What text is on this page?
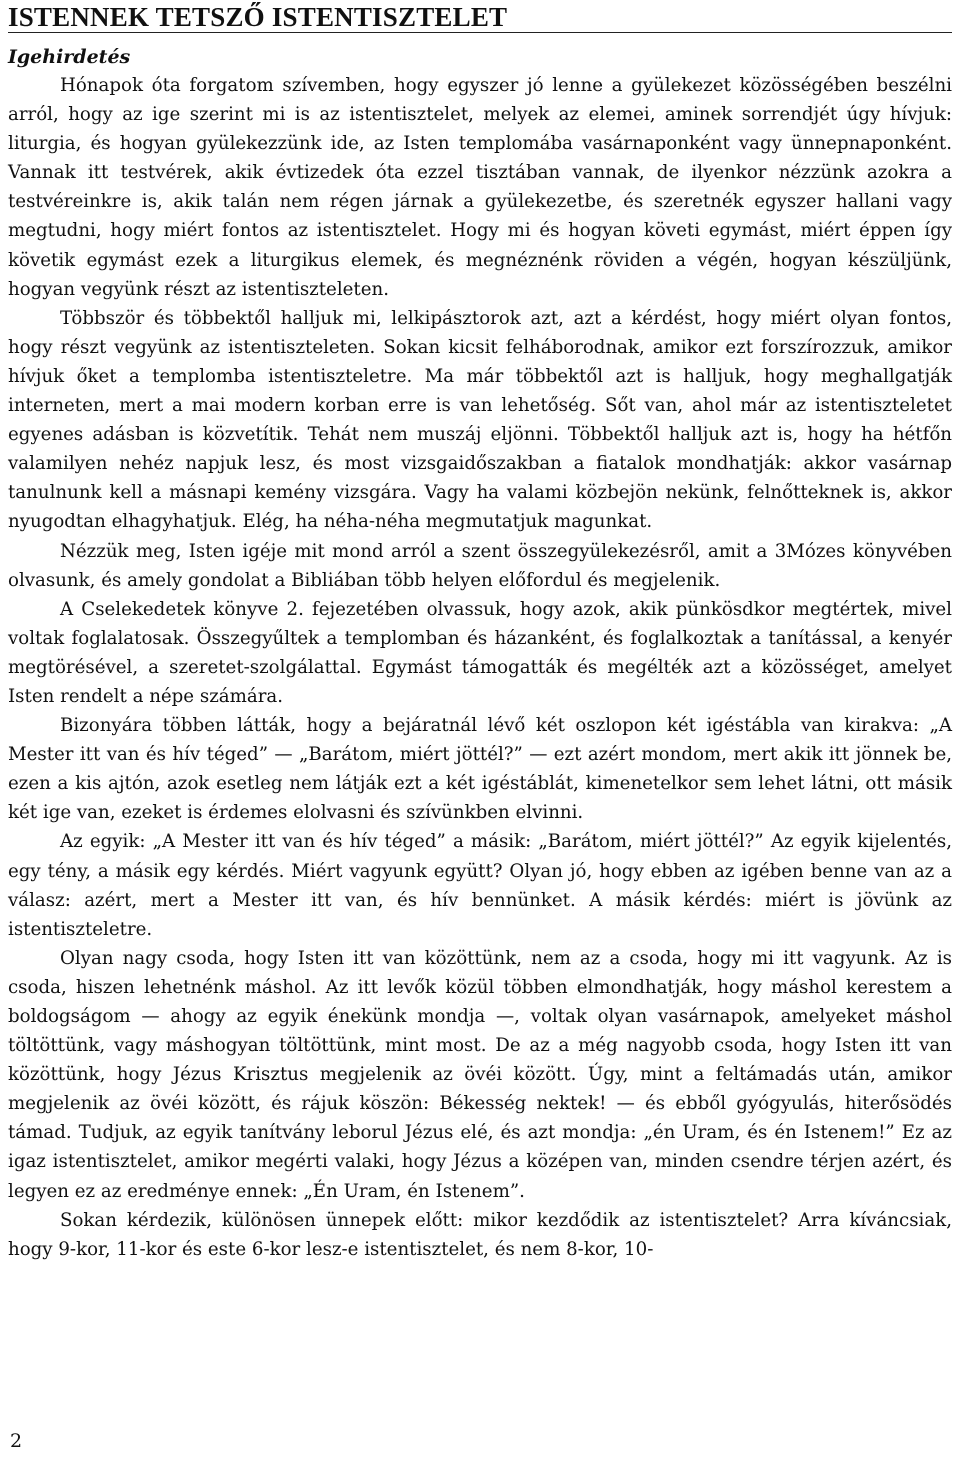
ISTENNEK TETSZŐ ISTENTISZTELET
Igehirdetés

Hónapok óta forgatom szívemben, hogy egyszer jó lenne a gyülekezet közösségében beszélni arról, hogy az ige szerint mi is az istentisztelet, melyek az elemei, aminek sorrendjét úgy hívjuk: liturgia, és hogyan gyülekezzünk ide, az Isten templomába vasárnaponként vagy ünnepnaponként. Vannak itt testvérek, akik évtizedek óta ezzel tisztában vannak, de ilyenkor nézzünk azokra a testvéreinkre is, akik talán nem régen járnak a gyülekezetbe, és szeretnék egyszer hallani vagy megtudni, hogy miért fontos az istentisztelet. Hogy mi és hogyan követi egymást, miért éppen így követik egymást ezek a liturgikus elemek, és megnéznénk röviden a végén, hogyan készüljünk, hogyan vegyünk részt az istentiszteleten.

Többször és többektől halljuk mi, lelkipásztorok azt, azt a kérdést, hogy miért olyan fontos, hogy részt vegyünk az istentiszteleten. Sokan kicsit felháborodnak, amikor ezt forszírozzuk, amikor hívjuk őket a templomba istentiszteletre. Ma már többektől azt is halljuk, hogy meghallgatják interneten, mert a mai modern korban erre is van lehetőség. Sőt van, ahol már az istentiszteletet egyenes adásban is közvetítik. Tehát nem muszáj eljönni. Többektől halljuk azt is, hogy ha hétfőn valamilyen nehéz napjuk lesz, és most vizsgaidőszakban a fiatalok mondhatják: akkor vasárnap tanulnunk kell a másnapi kemény vizsgára. Vagy ha valami közbejön nekünk, felnőtteknek is, akkor nyugodtan elhagyhatjuk. Elég, ha néha-néha megmutatjuk magunkat.

Nézzük meg, Isten igéje mit mond arról a szent összegyülekezésről, amit a 3Mózes könyvében olvasunk, és amely gondolat a Bibliában több helyen előfordul és megjelenik.

A Cselekedetek könyve 2. fejezetében olvassuk, hogy azok, akik pünkösdkor megtértek, mivel voltak foglalatosak. Összegyűltek a templomban és házanként, és foglalkoztak a tanítással, a kenyér megtörésével, a szeretet-szolgálattal. Egymást támogatták és megélték azt a közösséget, amelyet Isten rendelt a népe számára.

Bizonyára többen látták, hogy a bejáratnál lévő két oszlopon két igéstábla van kirakva: „A Mester itt van és hív téged” — „Barátom, miért jöttél?” — ezt azért mondom, mert akik itt jönnek be, ezen a kis ajtón, azok esetleg nem látják ezt a két igéstáblát, kimenetelkor sem lehet látni, ott másik két ige van, ezeket is érdemes elolvasni és szívünkben elvinni.

Az egyik: „A Mester itt van és hív téged” a másik: „Barátom, miért jöttél?” Az egyik kijelentés, egy tény, a másik egy kérdés. Miért vagyunk együtt? Olyan jó, hogy ebben az igében benne van az a válasz: azért, mert a Mester itt van, és hív bennünket. A másik kérdés: miért is jövünk az istentiszteletre.

Olyan nagy csoda, hogy Isten itt van közöttünk, nem az a csoda, hogy mi itt vagyunk. Az is csoda, hiszen lehetnénk máshol. Az itt levők közül többen elmondhatják, hogy máshol kerestem a boldogságom — ahogy az egyik énekünk mondja —, voltak olyan vasárnapok, amelyeket máshol töltöttünk, vagy máshogyan töltöttünk, mint most. De az a még nagyobb csoda, hogy Isten itt van közöttünk, hogy Jézus Krisztus megjelenik az övéi között. Úgy, mint a feltámadás után, amikor megjelenik az övéi között, és rájuk köszön: Békesség nektek! — és ebből gyógyulás, hiterősödés támad. Tudjuk, az egyik tanítvány leborul Jézus elé, és azt mondja: „én Uram, és én Istenem!” Ez az igaz istentisztelet, amikor megérti valaki, hogy Jézus a középen van, minden csendre térjen azért, és legyen ez az eredménye ennek: „Én Uram, én Istenem”.

Sokan kérdezik, különösen ünnepek előtt: mikor kezdődik az istentisztelet? Arra kíváncsiak, hogy 9-kor, 11-kor és este 6-kor lesz-e istentisztelet, és nem 8-kor, 10-

2
